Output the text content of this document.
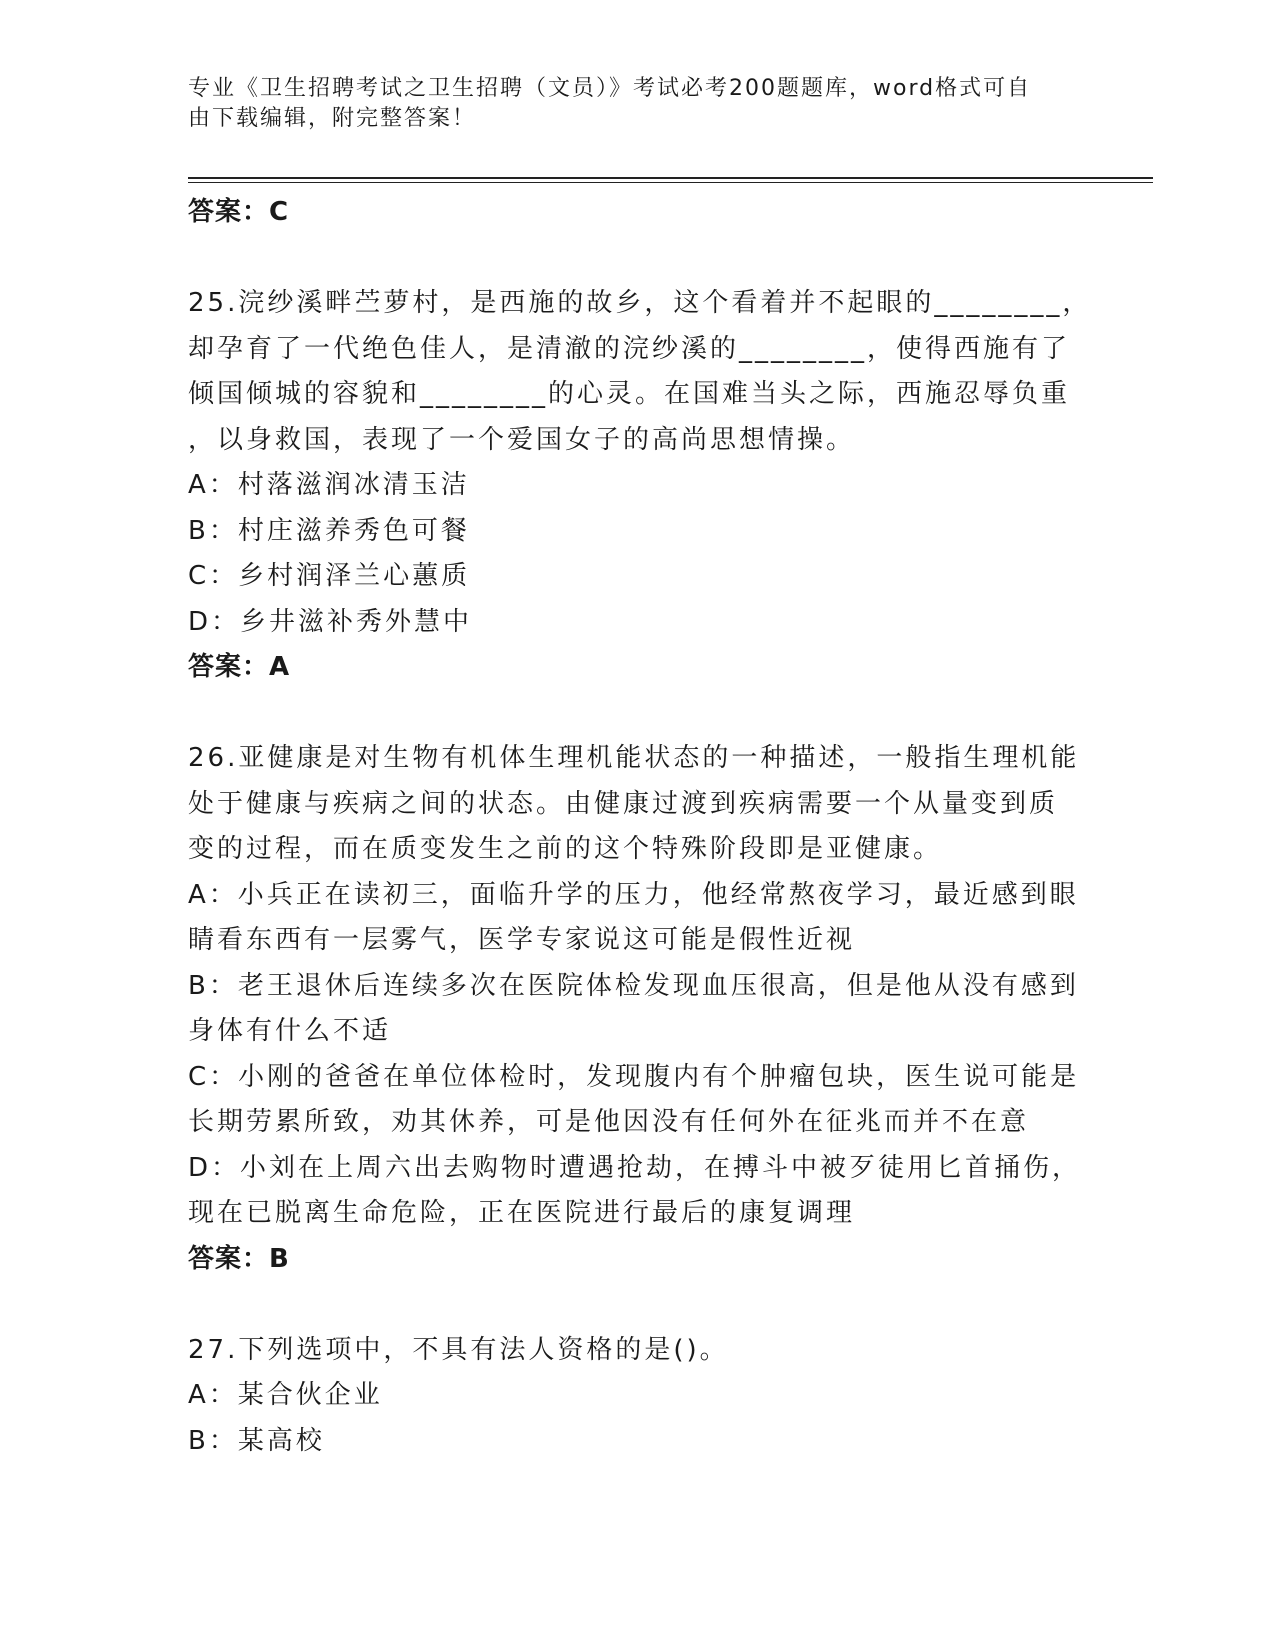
专业《卫生招聘考试之卫生招聘（文员）》考试必考200题题库，word格式可自
由下载编辑，附完整答案！
答案：C
25.浣纱溪畔苎萝村，是西施的故乡，这个看着并不起眼的________，
却孕育了一代绝色佳人，是清澈的浣纱溪的________，使得西施有了
倾国倾城的容貌和________的心灵。在国难当头之际，西施忍辱负重
，以身救国，表现了一个爱国女子的高尚思想情操。
A：村落滋润冰清玉洁
B：村庄滋养秀色可餐
C：乡村润泽兰心蕙质
D：乡井滋补秀外慧中
答案：A
26.亚健康是对生物有机体生理机能状态的一种描述，一般指生理机能
处于健康与疾病之间的状态。由健康过渡到疾病需要一个从量变到质
变的过程，而在质变发生之前的这个特殊阶段即是亚健康。
A：小兵正在读初三，面临升学的压力，他经常熬夜学习，最近感到眼
睛看东西有一层雾气，医学专家说这可能是假性近视
B：老王退休后连续多次在医院体检发现血压很高，但是他从没有感到
身体有什么不适
C：小刚的爸爸在单位体检时，发现腹内有个肿瘤包块，医生说可能是
长期劳累所致，劝其休养，可是他因没有任何外在征兆而并不在意
D：小刘在上周六出去购物时遭遇抢劫，在搏斗中被歹徒用匕首捅伤，
现在已脱离生命危险，正在医院进行最后的康复调理
答案：B
27.下列选项中，不具有法人资格的是()。
A：某合伙企业
B：某高校
